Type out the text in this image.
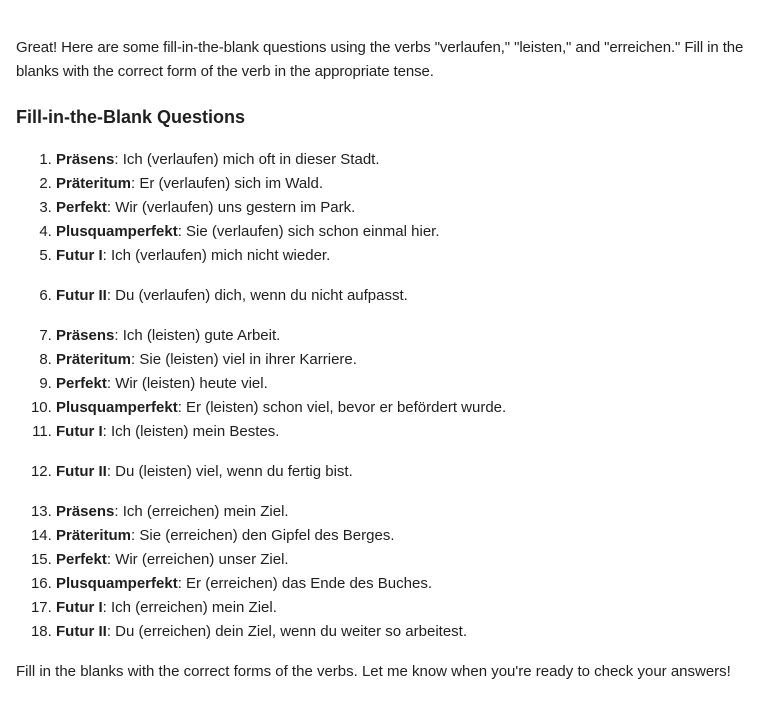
Great! Here are some fill-in-the-blank questions using the verbs "verlaufen," "leisten," and "erreichen." Fill in the blanks with the correct form of the verb in the appropriate tense.

Fill-in-the-Blank Questions
1. Präsens: Ich (verlaufen) mich oft in dieser Stadt.
2. Präteritum: Er (verlaufen) sich im Wald.
3. Perfekt: Wir (verlaufen) uns gestern im Park.
4. Plusquamperfekt: Sie (verlaufen) sich schon einmal hier.
5. Futur I: Ich (verlaufen) mich nicht wieder.
6. Futur II: Du (verlaufen) dich, wenn du nicht aufpasst.
7. Präsens: Ich (leisten) gute Arbeit.
8. Präteritum: Sie (leisten) viel in ihrer Karriere.
9. Perfekt: Wir (leisten) heute viel.
10. Plusquamperfekt: Er (leisten) schon viel, bevor er befördert wurde.
11. Futur I: Ich (leisten) mein Bestes.
12. Futur II: Du (leisten) viel, wenn du fertig bist.
13. Präsens: Ich (erreichen) mein Ziel.
14. Präteritum: Sie (erreichen) den Gipfel des Berges.
15. Perfekt: Wir (erreichen) unser Ziel.
16. Plusquamperfekt: Er (erreichen) das Ende des Buches.
17. Futur I: Ich (erreichen) mein Ziel.
18. Futur II: Du (erreichen) dein Ziel, wenn du weiter so arbeitest.

Fill in the blanks with the correct forms of the verbs. Let me know when you're ready to check your answers!
